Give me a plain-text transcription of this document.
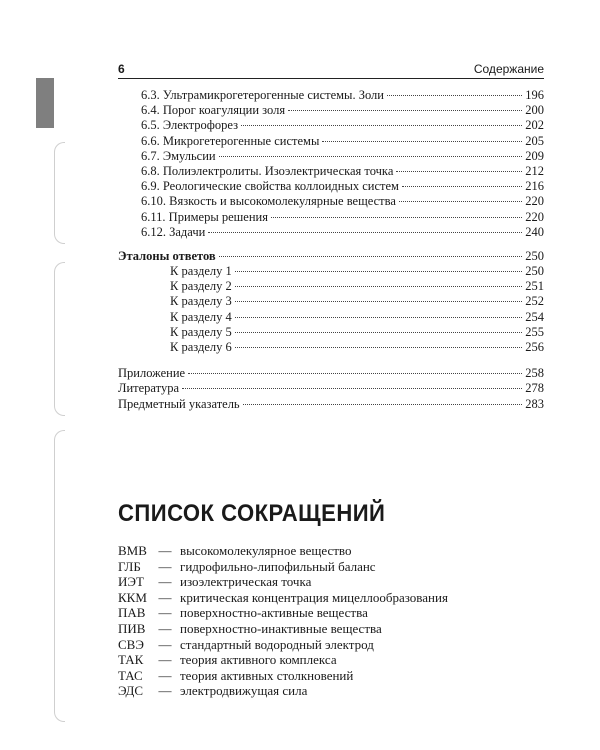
6	Содержание
6.3. Ультрамикрогетерогенные системы. Золи	196
6.4. Порог коагуляции золя	200
6.5. Электрофорез	202
6.6. Микрогетерогенные системы	205
6.7. Эмульсии	209
6.8. Полиэлектролиты. Изоэлектрическая точка	212
6.9. Реологические свойства коллоидных систем	216
6.10. Вязкость и высокомолекулярные вещества	220
6.11. Примеры решения	220
6.12. Задачи	240
Эталоны ответов	250
К разделу 1	250
К разделу 2	251
К разделу 3	252
К разделу 4	254
К разделу 5	255
К разделу 6	256
Приложение	258
Литература	278
Предметный указатель	283
СПИСОК СОКРАЩЕНИЙ
ВМВ — высокомолекулярное вещество
ГЛБ	— гидрофильно-липофильный баланс
ИЭТ	— изоэлектрическая точка
ККМ — критическая концентрация мицеллообразования
ПАВ	— поверхностно-активные вещества
ПИВ	— поверхностно-инактивные вещества
СВЭ	— стандартный водородный электрод
ТАК	— теория активного комплекса
ТАС	— теория активных столкновений
ЭДС	— электродвижущая сила
